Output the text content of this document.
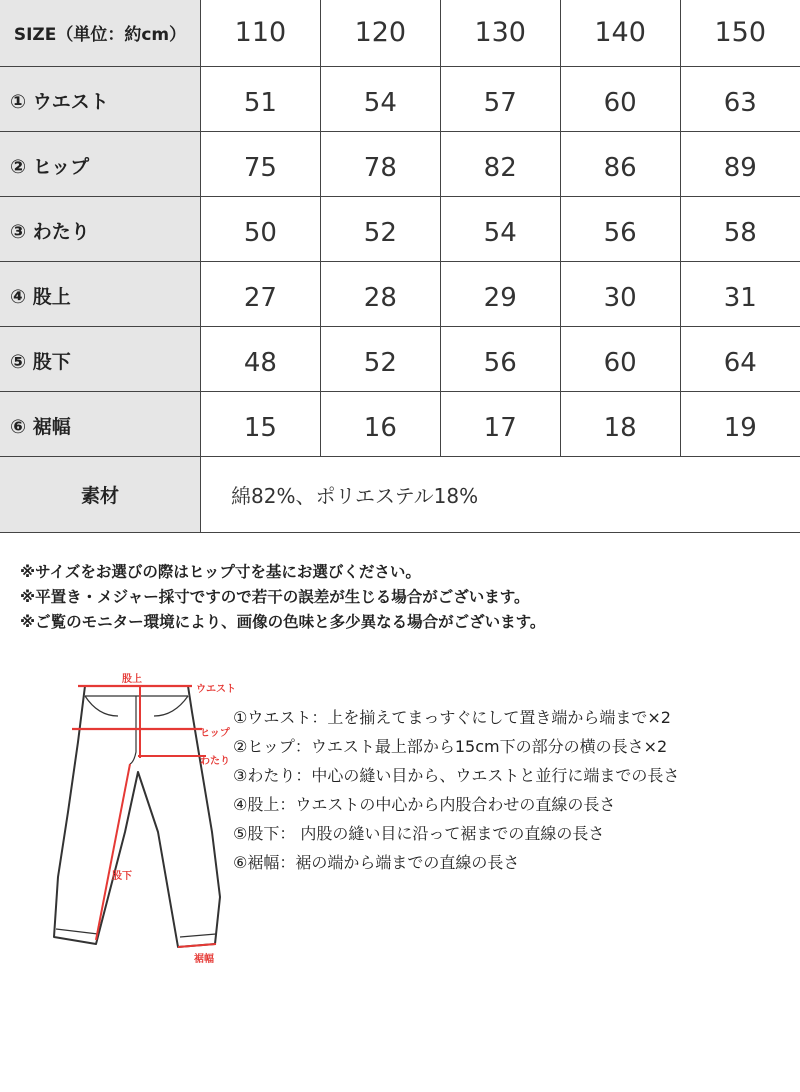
SIZE（単位：約cm）	110	120	130	140	150
① ウエスト	51	54	57	60	63
② ヒップ	75	78	82	86	89
③ わたり	50	52	54	56	58
④ 股上	27	28	29	30	31
⑤ 股下	48	52	56	60	64
⑥ 裾幅	15	16	17	18	19
素材	綿82%、ポリエステル18%				
※サイズをお選びの際はヒップ寸を基にお選びください。
※平置き・メジャー採寸ですので若干の誤差が生じる場合がございます。
※ご覧のモニター環境により、画像の色味と多少異なる場合がございます。
股上
ウエスト
ヒップ
わたり
股下
裾幅
①ウエスト：上を揃えてまっすぐにして置き端から端まで×2
②ヒップ：ウエスト最上部から15cm下の部分の横の長さ×2
③わたり：中心の縫い目から、ウエストと並行に端までの長さ
④股上：ウエストの中心から内股合わせの直線の長さ
⑤股下： 内股の縫い目に沿って裾までの直線の長さ
⑥裾幅：裾の端から端までの直線の長さ
